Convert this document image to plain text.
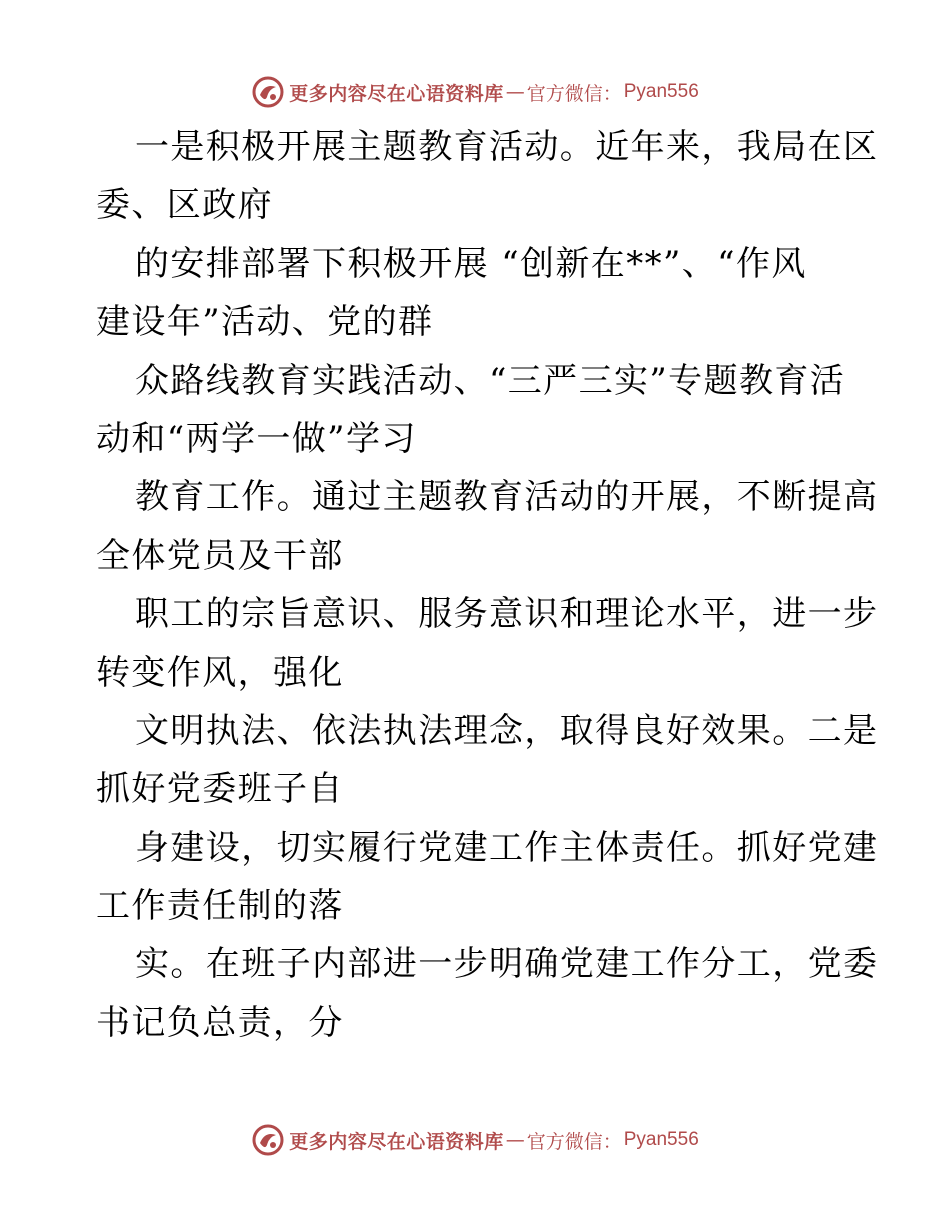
更多内容尽在心语资料库 — 官方微信： Pyan556
一是积极开展主题教育活动。近年来，我局在区
委、区政府
的安排部署下积极开展 “创新在**”、“作风
建设年”活动、党的群
众路线教育实践活动、“三严三实”专题教育活
动和“两学一做”学习
教育工作。通过主题教育活动的开展，不断提高
全体党员及干部
职工的宗旨意识、服务意识和理论水平，进一步
转变作风，强化
文明执法、依法执法理念，取得良好效果。二是
抓好党委班子自
身建设，切实履行党建工作主体责任。抓好党建
工作责任制的落
实。在班子内部进一步明确党建工作分工，党委
书记负总责，分
更多内容尽在心语资料库 — 官方微信： Pyan556
